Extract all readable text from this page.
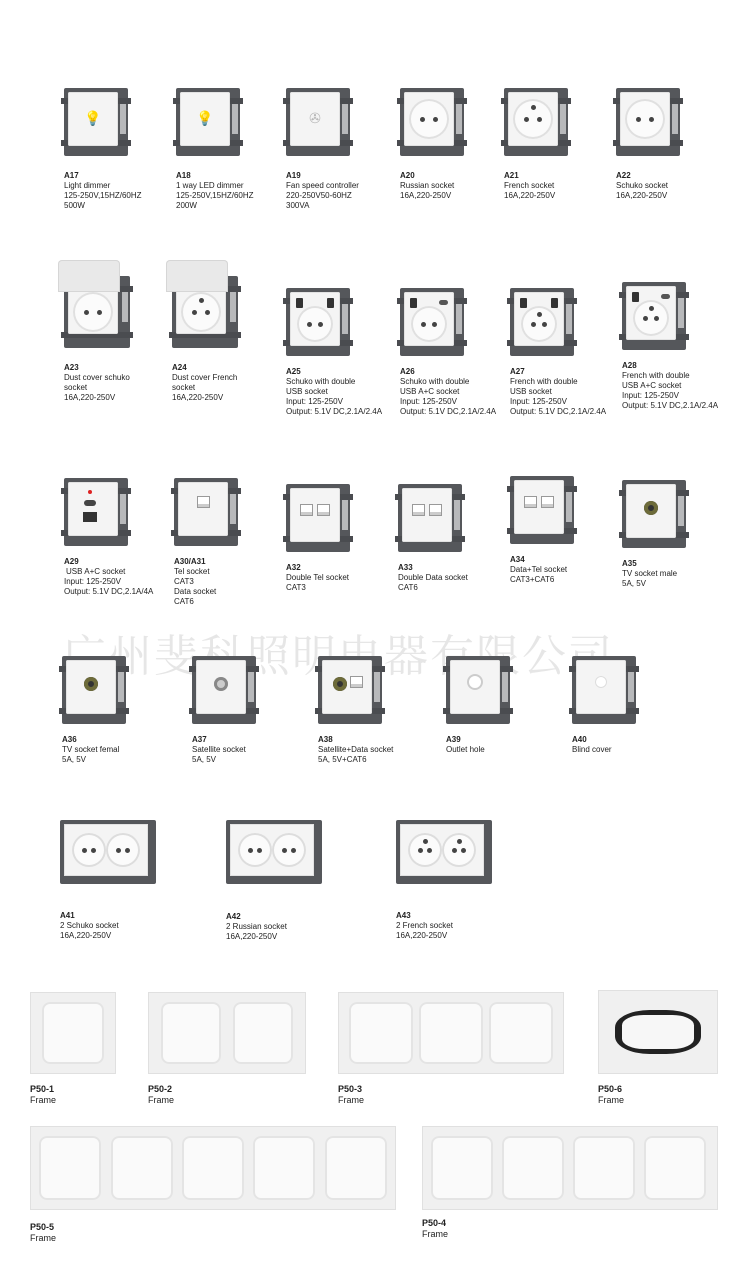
💡
A17
Light dimmer
125-250V,15HZ/60HZ
500W
💡
A18
1 way LED dimmer
125-250V,15HZ/60HZ
200W
✇
A19
Fan speed controller
220-250V50-60HZ
300VA
A20
Russian socket
16A,220-250V
A21
French socket
16A,220-250V
A22
Schuko socket
16A,220-250V
A23
Dust cover schuko
socket
16A,220-250V
A24
Dust cover French
socket
16A,220-250V
A25
Schuko with double
USB socket
Input: 125-250V
Output: 5.1V DC,2.1A/2.4A
A26
Schuko with double
USB A+C socket
Input: 125-250V
Output: 5.1V DC,2.1A/2.4A
A27
French with double
USB socket
Input: 125-250V
Output: 5.1V DC,2.1A/2.4A
A28
French with double
USB A+C socket
Input: 125-250V
Output: 5.1V DC,2.1A/2.4A
A29
USB A+C socket
Input: 125-250V
Output: 5.1V DC,2.1A/4A
A30/A31
Tel socket
CAT3
Data socket
CAT6
A32
Double Tel socket
CAT3
A33
Double Data socket
CAT6
A34
Data+Tel socket
CAT3+CAT6
A35
TV socket male
5A, 5V
A36
TV socket femal
5A, 5V
A37
Satellite socket
5A, 5V
A38
Satellite+Data socket
5A, 5V+CAT6
A39
Outlet hole
A40
Blind cover
A41
2 Schuko socket
16A,220-250V
A42
2 Russian socket
16A,220-250V
A43
2 French socket
16A,220-250V
P50-1
Frame
P50-2
Frame
P50-3
Frame
P50-6
Frame
P50-5
Frame
P50-4
Frame
